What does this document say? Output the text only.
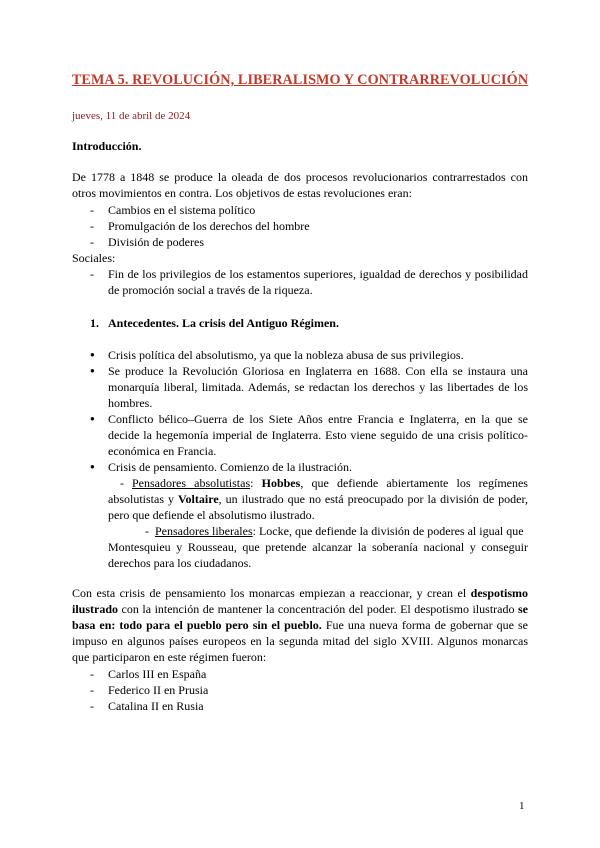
TEMA 5. REVOLUCIÓN, LIBERALISMO Y CONTRARREVOLUCIÓN
jueves, 11 de abril de 2024
Introducción.
De 1778 a 1848 se produce la oleada de dos procesos revolucionarios contrarrestados con otros movimientos en contra. Los objetivos de estas revoluciones eran:
- Cambios en el sistema político
- Promulgación de los derechos del hombre
- División de poderes
Sociales:
- Fin de los privilegios de los estamentos superiores, igualdad de derechos y posibilidad de promoción social a través de la riqueza.
1. Antecedentes. La crisis del Antiguo Régimen.
● Crisis política del absolutismo, ya que la nobleza abusa de sus privilegios.
● Se produce la Revolución Gloriosa en Inglaterra en 1688. Con ella se instaura una monarquía liberal, limitada. Además, se redactan los derechos y las libertades de los hombres.
● Conflicto bélico–Guerra de los Siete Años entre Francia e Inglaterra, en la que se decide la hegemonía imperial de Inglaterra. Esto viene seguido de una crisis político-económica en Francia.
● Crisis de pensamiento. Comienzo de la ilustración.
- Pensadores absolutistas: Hobbes, que defiende abiertamente los regímenes absolutistas y Voltaire, un ilustrado que no está preocupado por la división de poder, pero que defiende el absolutismo ilustrado.
- Pensadores liberales: Locke, que defiende la división de poderes al igual que
Montesquieu y Rousseau, que pretende alcanzar la soberanía nacional y conseguir derechos para los ciudadanos.
Con esta crisis de pensamiento los monarcas empiezan a reaccionar, y crean el despotismo ilustrado con la intención de mantener la concentración del poder. El despotismo ilustrado se basa en: todo para el pueblo pero sin el pueblo. Fue una nueva forma de gobernar que se impuso en algunos países europeos en la segunda mitad del siglo XVIII. Algunos monarcas que participaron en este régimen fueron:
- Carlos III en España
- Federico II en Prusia
- Catalina II en Rusia
1
